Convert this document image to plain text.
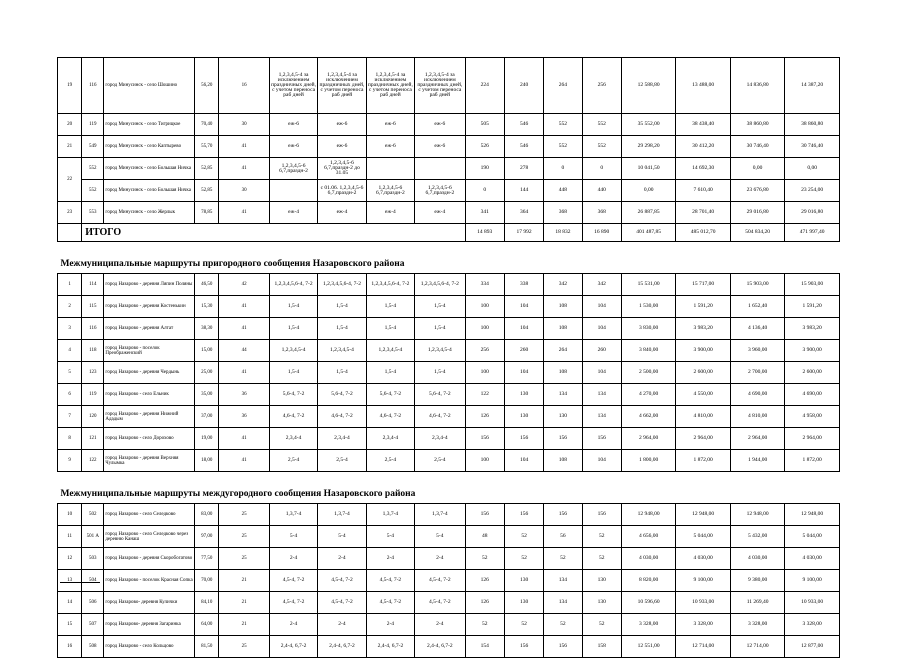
19	116	город Минусинск - село Шошино	56,20	16	1,2,3,4,5-4 за исключением праздничных дней, с учетом переноса раб дней	1,2,3,4,5-4 за исключением праздничных дней, с учетом переноса раб дней	1,2,3,4,5-4 за исключением праздничных дней, с учетом переноса раб дней	1,2,3,4,5-4 за исключением праздничных дней, с учетом переноса раб дней	224	240	264	256	12 588,80	13 488,00	14 836,80	14 387,20
20	119	город Минусинск - село Тигрицкое	70,40	30	еж-6	еж-6	еж-6	еж-6	505	546	552	552	35 552,00	38 438,40	38 860,80	38 860,80
21	549	город Минусинск - село Каптырево	55,70	41	еж-6	еж-6	еж-6	еж-6	526	546	552	552	29 298,20	30 412,20	30 746,40	30 746,40
22	552	город Минусинск - село Большая Ничка	52,85	41	1,2,3,4,5-6 6,7,праздн-2	1,2,3,4,5-6 6,7,праздн-2 до 31.05			190	278	0	0	10 041,50	14 692,30	0,00	0,00
	552	город Минусинск - село Большая Ничка	52,85	30		с 01.06. 1,2,3,4,5-6 6,7,праздн-2	1,2,3,4,5-6 6,7,праздн-2	1,2,3,4,5-6 6,7,праздн-2	0	144	448	440	0,00	7 610,40	23 676,80	23 254,00
23	553	город Минусинск - село Жерлык	78,85	41	еж-4	еж-4	еж-4	еж-4	341	364	368	368	26 887,85	28 701,40	29 016,80	29 016,80
	ИТОГО								14 893	17 992	18 832	16 890	401 487,85	485 012,70	504 834,20	471 997,40
Межмуниципальные маршруты пригородного сообщения Назаровского района																
1	114	город Назарово - деревня Ляпин Поляны	46,50	42	1,2,3,4,5,6-4, 7-2	1,2,3,4,5,6-4, 7-2	1,2,3,4,5,6-4, 7-2	1,2,3,4,5,6-4, 7-2	334	338	342	342	15 531,00	15 717,00	15 903,00	15 903,00
2	115	город Назарово - деревня Костенькин	15,30	41	1,5-4	1,5-4	1,5-4	1,5-4	100	104	108	104	1 530,00	1 591,20	1 652,40	1 591,20
3	116	город Назарово - деревня Алтат	38,30	41	1,5-4	1,5-4	1,5-4	1,5-4	100	104	108	104	3 830,00	3 983,20	4 136,40	3 983,20
4	118	город Назарово - поселок Преображенский	15,00	44	1,2,3,4,5-4	1,2,3,4,5-4	1,2,3,4,5-4	1,2,3,4,5-4	256	260	264	260	3 840,00	3 900,00	3 960,00	3 900,00
5	123	город Назарово - деревня Чердынь	25,00	41	1,5-4	1,5-4	1,5-4	1,5-4	100	104	108	104	2 500,00	2 600,00	2 700,00	2 600,00
6	119	город Назарово - село Ельник	35,00	36	5,6-4, 7-2	5,6-4, 7-2	5,6-4, 7-2	5,6-4, 7-2	122	130	134	134	4 270,00	4 550,00	4 690,00	4 690,00
7	120	город Назарово - деревня Нижний Ададым	37,00	36	4,6-4, 7-2	4,6-4, 7-2	4,6-4, 7-2	4,6-4, 7-2	126	130	130	134	4 662,00	4 810,00	4 810,00	4 958,00
8	121	город Назарово - село Дорохово	19,00	41	2,3,4-4	2,3,4-4	2,3,4-4	2,3,4-4	156	156	156	156	2 964,00	2 964,00	2 964,00	2 964,00
9	122	город Назарово - деревня Верхняя Чулымка	18,00	41	2,5-4	2,5-4	2,5-4	2,5-4	100	104	108	104	1 800,00	1 872,00	1 944,00	1 872,00
Межмуниципальные маршруты междугородного сообщения Назаровского района																
10	502	город Назарово - село Селедково	83,00	25	1,3,7-4	1,3,7-4	1,3,7-4	1,3,7-4	156	156	156	156	12 948,00	12 948,00	12 948,00	12 948,00
11	501 А	город Назарово - село Селедково через деревню Канаш	97,00	25	5-4	5-4	5-4	5-4	48	52	56	52	4 656,00	5 044,00	5 432,00	5 044,00
12	503	город Назарово - деревня Скоробогатово	77,50	25	2-4	2-4	2-4	2-4	52	52	52	52	4 030,00	4 030,00	4 030,00	4 030,00
13	504	город Назарово - поселок Красная Сопка	70,00	21	4,5-4, 7-2	4,5-4, 7-2	4,5-4, 7-2	4,5-4, 7-2	126	130	134	130	8 820,00	9 100,00	9 380,00	9 100,00
14	506	город Назарово- деревня Кулички	84,10	21	4,5-4, 7-2	4,5-4, 7-2	4,5-4, 7-2	4,5-4, 7-2	126	130	134	130	10 596,60	10 933,00	11 269,40	10 933,00
15	507	город Назарово- деревня Загаринка	64,00	21	2-4	2-4	2-4	2-4	52	52	52	52	3 328,00	3 328,00	3 328,00	3 328,00
16	508	город Назарово - село Кольцово	81,50	25	2,4-4, 6,7-2	2,4-4, 6,7-2	2,4-4, 6,7-2	2,4-4, 6,7-2	154	156	156	158	12 551,00	12 714,00	12 714,00	12 877,00
